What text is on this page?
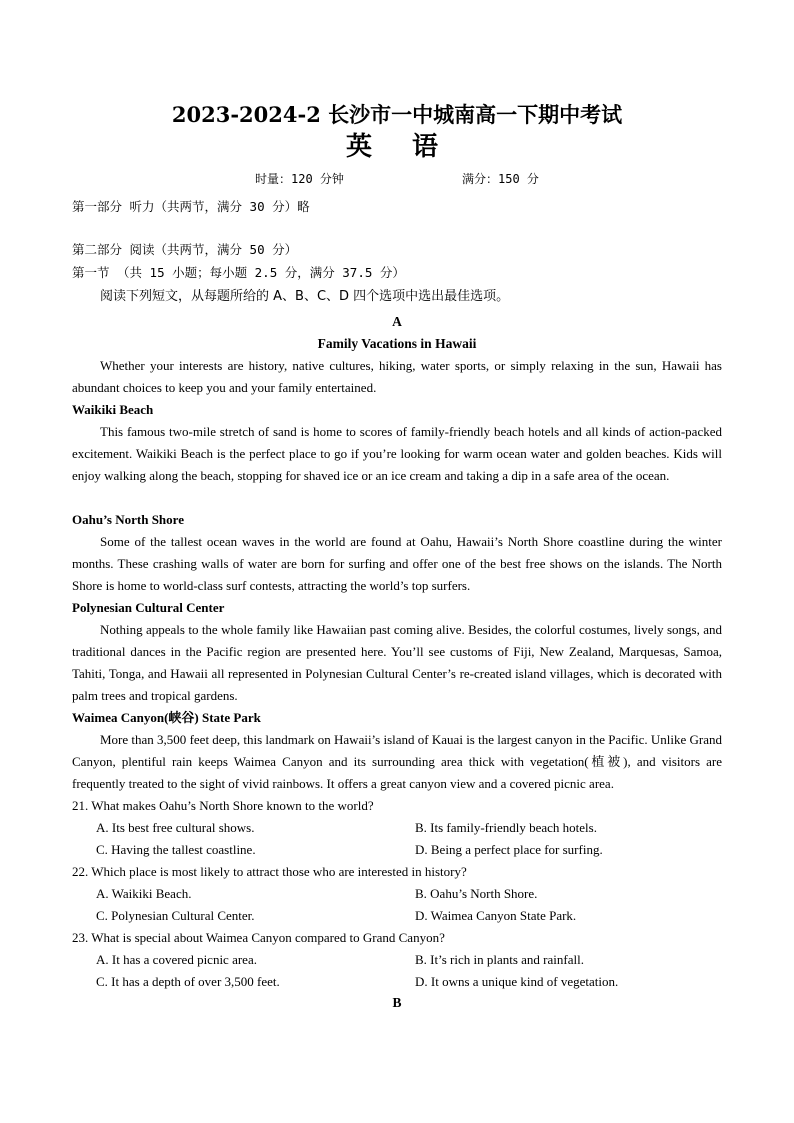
2023-2024-2 长沙市一中城南高一下期中考试
英语
时量：120 分钟	满分：150 分
第一部分 听力（共两节，满分 30 分）略
第二部分 阅读（共两节，满分 50 分）
第一节 （共 15 小题；每小题 2.5 分，满分 37.5 分）
阅读下列短文，从每题所给的 A、B、C、D 四个选项中选出最佳选项。
A
Family Vacations in Hawaii

Whether your interests are history, native cultures, hiking, water sports, or simply relaxing in the sun, Hawaii has abundant choices to keep you and your family entertained.

Waikiki Beach

This famous two-mile stretch of sand is home to scores of family-friendly beach hotels and all kinds of action-packed excitement. Waikiki Beach is the perfect place to go if you’re looking for warm ocean water and golden beaches. Kids will enjoy walking along the beach, stopping for shaved ice or an ice cream and taking a dip in a safe area of the ocean.

Oahu’s North Shore

Some of the tallest ocean waves in the world are found at Oahu, Hawaii’s North Shore coastline during the winter months. These crashing walls of water are born for surfing and offer one of the best free shows on the islands. The North Shore is home to world-class surf contests, attracting the world’s top surfers.

Polynesian Cultural Center

Nothing appeals to the whole family like Hawaiian past coming alive. Besides, the colorful costumes, lively songs, and traditional dances in the Pacific region are presented here. You’ll see customs of Fiji, New Zealand, Marquesas, Samoa, Tahiti, Tonga, and Hawaii all represented in Polynesian Cultural Center’s re-created island villages, which is decorated with palm trees and tropical gardens.

Waimea Canyon(峡谷) State Park

More than 3,500 feet deep, this landmark on Hawaii’s island of Kauai is the largest canyon in the Pacific. Unlike Grand Canyon, plentiful rain keeps Waimea Canyon and its surrounding area thick with vegetation(植被), and visitors are frequently treated to the sight of vivid rainbows. It offers a great canyon view and a covered picnic area.

21. What makes Oahu’s North Shore known to the world?
A. Its best free cultural shows.	B. Its family-friendly beach hotels.
C. Having the tallest coastline.	D. Being a perfect place for surfing.
22. Which place is most likely to attract those who are interested in history?
A. Waikiki Beach.	B. Oahu’s North Shore.
C. Polynesian Cultural Center.	D. Waimea Canyon State Park.
23. What is special about Waimea Canyon compared to Grand Canyon?
A. It has a covered picnic area.	B. It’s rich in plants and rainfall.
C. It has a depth of over 3,500 feet.	D. It owns a unique kind of vegetation.
B
